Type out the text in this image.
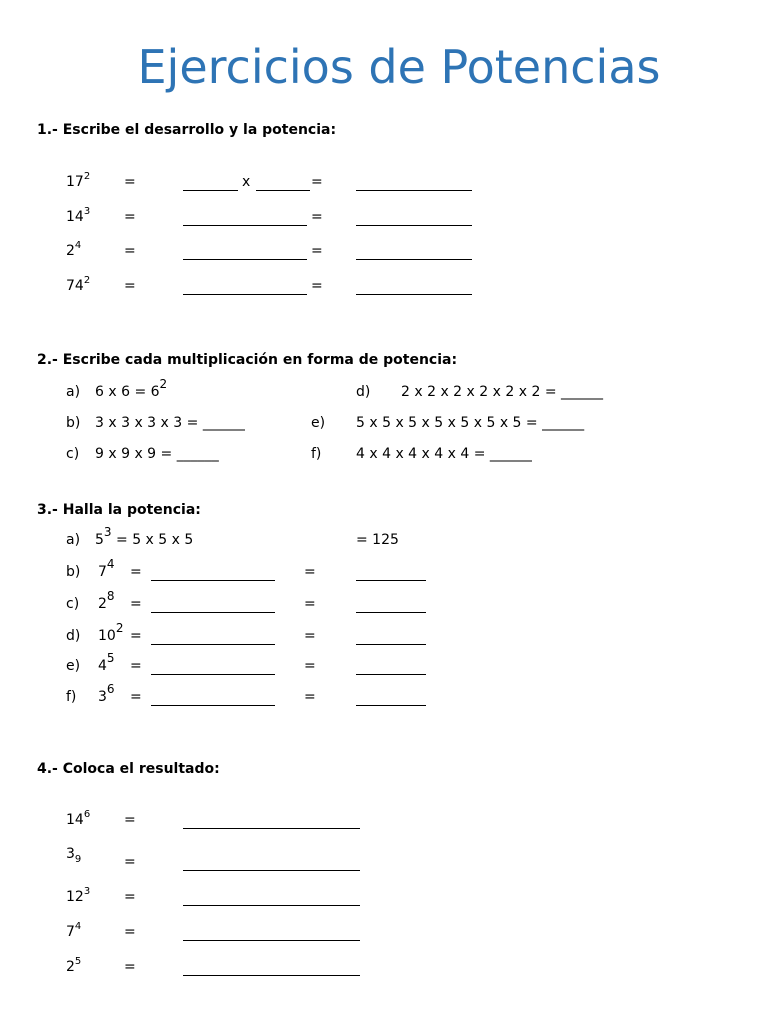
Ejercicios de Potencias
1.- Escribe el desarrollo y la potencia:
$17^2$ =	x	=
$14^3$ =	=
$2^4$	=	=
$74^2$ =	=
2.- Escribe cada multiplicación en forma de potencia:
a) 6 x $6 = 6^2$	d) 2 x 2 x 2 x 2 x 2 x 2 = ______
b) 3 x 3 x 3 x 3 = ______	e) 5 x 5 x 5 x 5 x 5 x 5 x 5 = ______
c) 9 x 9 x 9 = ______	f) 4 x 4 x 4 x 4 x 4 = ______
3.- Halla la potencia:
a) $5^3 = 5$ x 5 x 5	= 125
b) $7^4$ =	=
c) $2^8$ =	=
d) $10^2$ =	=
e) $4^5$ =	=
f) $3^6$ =	=
4.- Coloca el resultado:
$14^6$ =
$3_9$	=
$12^3$ =
$7^4$	=
$2^5$	=
